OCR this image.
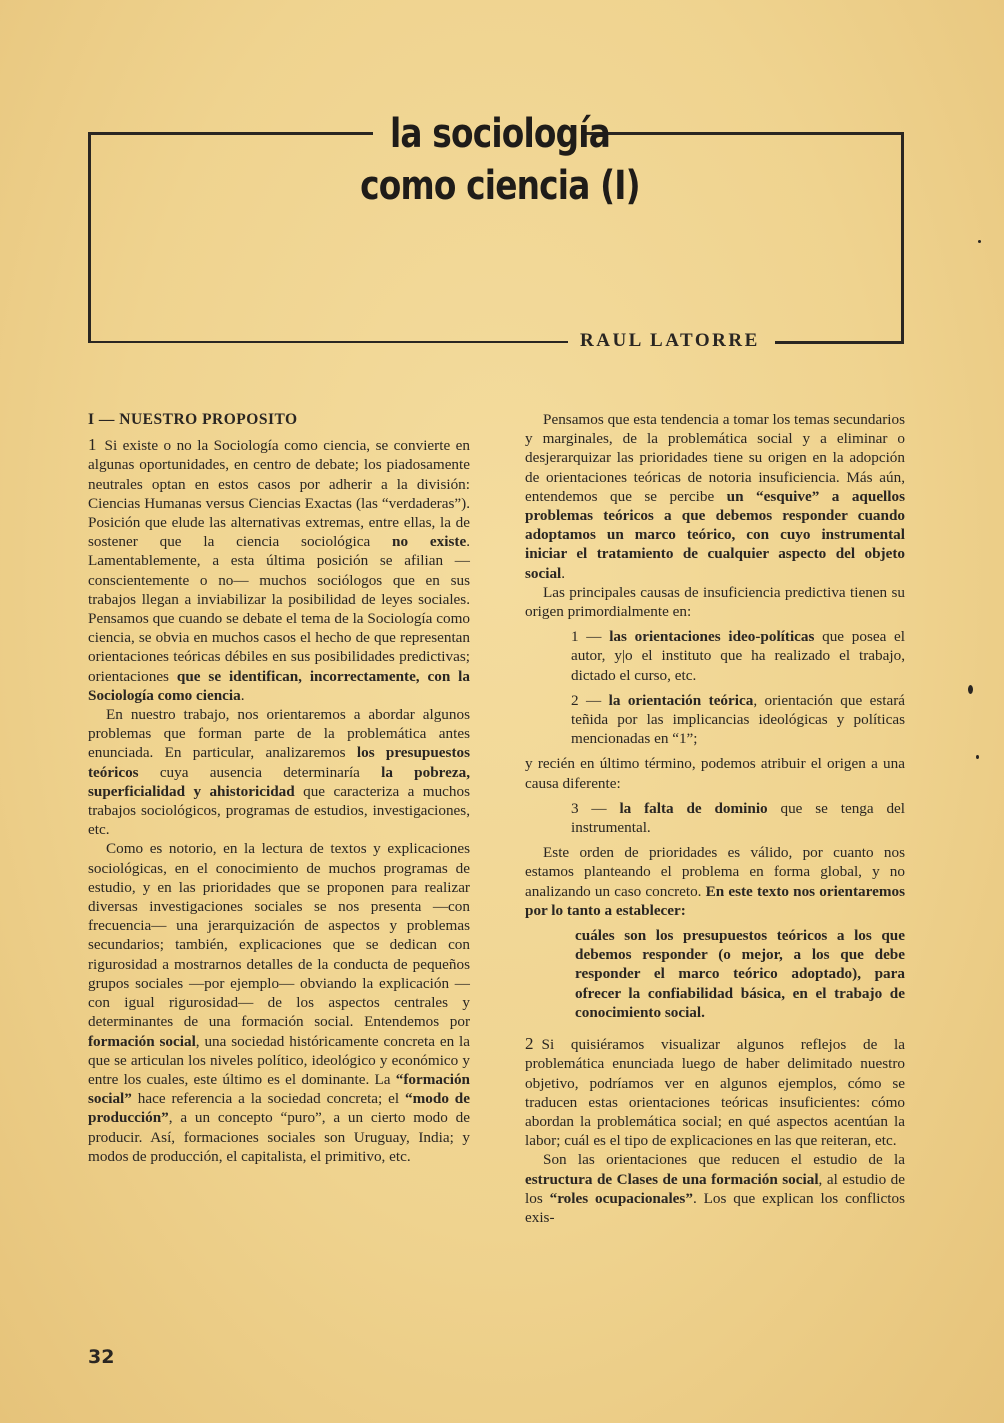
la sociología
como ciencia (I)
RAUL LATORRE
I — NUESTRO PROPOSITO

1 Si existe o no la Sociología como ciencia, se convierte en algunas oportunidades, en centro de debate; los piadosamente neutrales optan en estos casos por adherir a la división: Ciencias Humanas versus Ciencias Exactas (las “verdaderas”). Posición que elude las alternativas extremas, entre ellas, la de sostener que la ciencia sociológica no existe. Lamentablemente, a esta última posición se afilian —conscientemente o no— muchos sociólogos que en sus trabajos llegan a inviabilizar la posibilidad de leyes sociales. Pensamos que cuando se debate el tema de la Sociología como ciencia, se obvia en muchos casos el hecho de que representan orientaciones teóricas débiles en sus posibilidades predictivas; orientaciones que se identifican, incorrectamente, con la Sociología como ciencia.

En nuestro trabajo, nos orientaremos a abordar algunos problemas que forman parte de la problemática antes enunciada. En particular, analizaremos los presupuestos teóricos cuya ausencia determinaría la pobreza, superficialidad y ahistoricidad que caracteriza a muchos trabajos sociológicos, programas de estudios, investigaciones, etc.

Como es notorio, en la lectura de textos y explicaciones sociológicas, en el conocimiento de muchos programas de estudio, y en las prioridades que se proponen para realizar diversas investigaciones sociales se nos presenta —con frecuencia— una jerarquización de aspectos y problemas secundarios; también, explicaciones que se dedican con rigurosidad a mostrarnos detalles de la conducta de pequeños grupos sociales —por ejemplo— obviando la explicación —con igual rigurosidad— de los aspectos centrales y determinantes de una formación social. Entendemos por formación social, una sociedad históricamente concreta en la que se articulan los niveles político, ideológico y económico y entre los cuales, este último es el dominante. La “formación social” hace referencia a la sociedad concreta; el “modo de producción”, a un concepto “puro”, a un cierto modo de producir. Así, formaciones sociales son Uruguay, India; y modos de producción, el capitalista, el primitivo, etc.

Pensamos que esta tendencia a tomar los temas secundarios y marginales, de la problemática social y a eliminar o desjerarquizar las prioridades tiene su origen en la adopción de orientaciones teóricas de notoria insuficiencia. Más aún, entendemos que se percibe un “esquive” a aquellos problemas teóricos a que debemos responder cuando adoptamos un marco teórico, con cuyo instrumental iniciar el tratamiento de cualquier aspecto del objeto social.

Las principales causas de insuficiencia predictiva tienen su origen primordialmente en:

1 — las orientaciones ideo-políticas que posea el autor, y|o el instituto que ha realizado el trabajo, dictado el curso, etc.

2 — la orientación teórica, orientación que estará teñida por las implicancias ideológicas y políticas mencionadas en “1”;

y recién en último término, podemos atribuir el origen a una causa diferente:

3 — la falta de dominio que se tenga del instrumental.

Este orden de prioridades es válido, por cuanto nos estamos planteando el problema en forma global, y no analizando un caso concreto. En este texto nos orientaremos por lo tanto a establecer:

cuáles son los presupuestos teóricos a los que debemos responder (o mejor, a los que debe responder el marco teórico adoptado), para ofrecer la confiabilidad básica, en el trabajo de conocimiento social.

2 Si quisiéramos visualizar algunos reflejos de la problemática enunciada luego de haber delimitado nuestro objetivo, podríamos ver en algunos ejemplos, cómo se traducen estas orientaciones teóricas insuficientes: cómo abordan la problemática social; en qué aspectos acentúan la labor; cuál es el tipo de explicaciones en las que reiteran, etc.

Son las orientaciones que reducen el estudio de la estructura de Clases de una formación social, al estudio de los “roles ocupacionales”. Los que explican los conflictos exis-

32
